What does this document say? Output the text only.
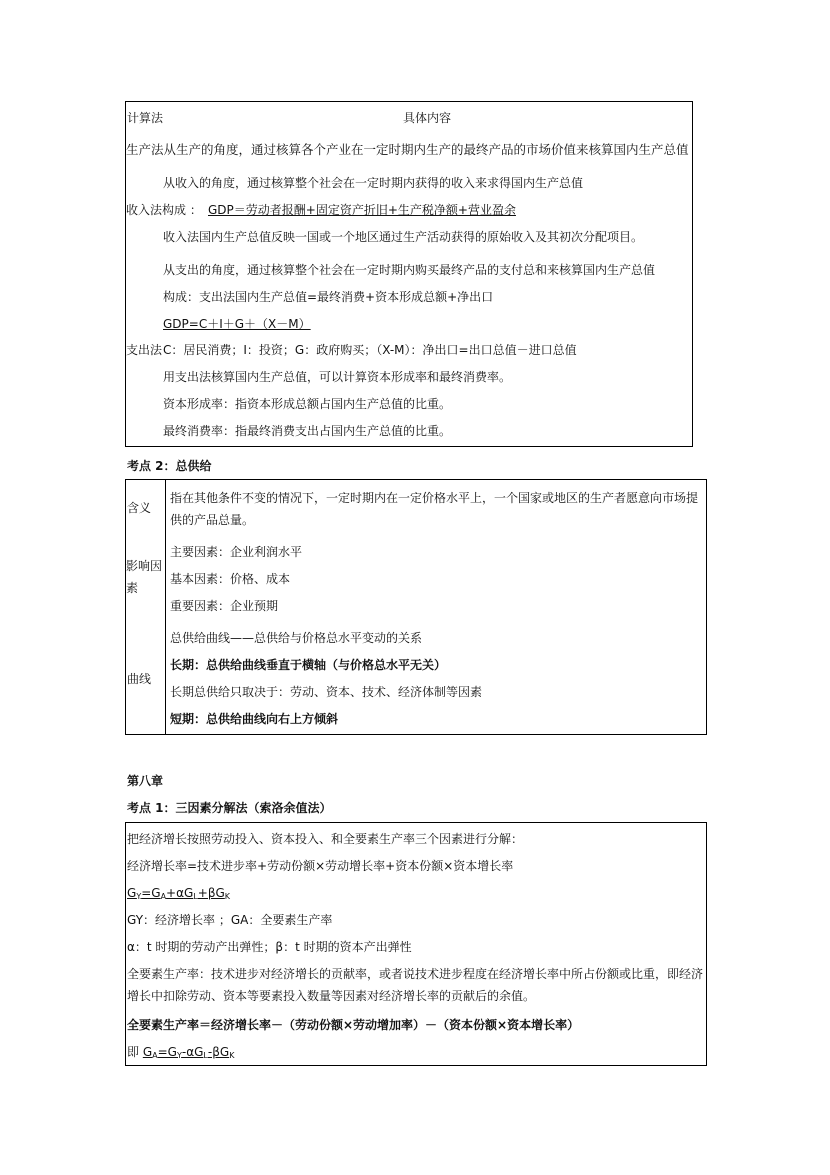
计算法	具体内容
生产法从生产的角度，通过核算各个产业在一定时期内生产的最终产品的市场价值来核算国内生产总值
从收入的角度，通过核算整个社会在一定时期内获得的收入来求得国内生产总值
收入法构成 ： GDP＝劳动者报酬+固定资产折旧+生产税净额+营业盈余
收入法国内生产总值反映一国或一个地区通过生产活动获得的原始收入及其初次分配项目。
从支出的角度，通过核算整个社会在一定时期内购买最终产品的支付总和来核算国内生产总值
构成：支出法国内生产总值=最终消费+资本形成总额+净出口
GDP=C＋I＋G＋（X－M）
支出法 C：居民消费；I：投资；G：政府购买；（X-M）：净出口=出口总值－进口总值
用支出法核算国内生产总值，可以计算资本形成率和最终消费率。
资本形成率：指资本形成总额占国内生产总值的比重。
最终消费率：指最终消费支出占国内生产总值的比重。
考点 2：总供给
含义
指在其他条件不变的情况下，一定时期内在一定价格水平上，一个国家或地区的生产者愿意向市场提供的产品总量。
影响因素
主要因素：企业利润水平
基本因素：价格、成本
重要因素：企业预期
曲线
总供给曲线——总供给与价格总水平变动的关系
长期：总供给曲线垂直于横轴（与价格总水平无关）
长期总供给只取决于：劳动、资本、技术、经济体制等因素
短期：总供给曲线向右上方倾斜
第八章
考点 1：三因素分解法（索洛余值法）
把经济增长按照劳动投入、资本投入、和全要素生产率三个因素进行分解：
经济增长率=技术进步率+劳动份额×劳动增长率+资本份额×资本增长率
$G_Y=G_A+\alpha G_L+\beta G_K$
GY：经济增长率 ；GA：全要素生产率
α：t 时期的劳动产出弹性；β：t 时期的资本产出弹性
全要素生产率：技术进步对经济增长的贡献率，或者说技术进步程度在经济增长率中所占份额或比重，即经济增长中扣除劳动、资本等要素投入数量等因素对经济增长率的贡献后的余值。
全要素生产率＝经济增长率－（劳动份额×劳动增加率）－（资本份额×资本增长率）
即 $G_A=G_Y-\alpha G_L-\beta G_K$
